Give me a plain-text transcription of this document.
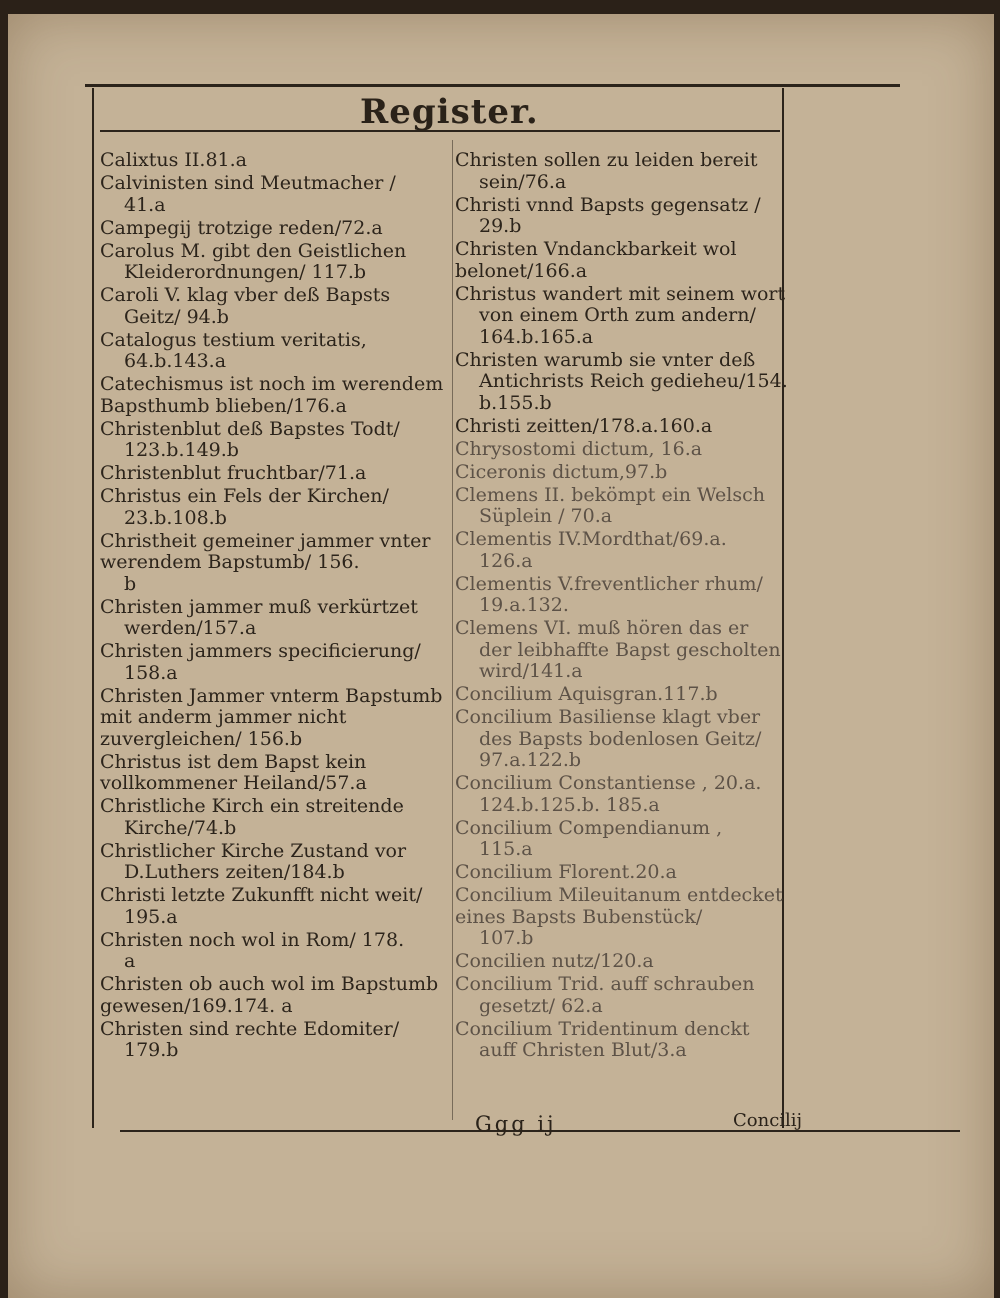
Register.
Calixtus II.81.a
Calvinisten sind Meutmacher /
41.a
Campegij trotzige reden/72.a
Carolus M. gibt den Geistlichen
Kleiderordnungen/ 117.b
Caroli V. klag vber deß Bapsts
Geitz/ 94.b
Catalogus testium veritatis,
64.b.143.a
Catechismus ist noch im werendem Bapsthumb blieben/176.a
Christenblut deß Bapstes Todt/
123.b.149.b
Christenblut fruchtbar/71.a
Christus ein Fels der Kirchen/
23.b.108.b
Christheit gemeiner jammer vnter werendem Bapstumb/ 156.
b
Christen jammer muß verkürtzet
werden/157.a
Christen jammers specificierung/
158.a
Christen Jammer vnterm Bapstumb mit anderm jammer nicht zuvergleichen/ 156.b
Christus ist dem Bapst kein vollkommener Heiland/57.a
Christliche Kirch ein streitende
Kirche/74.b
Christlicher Kirche Zustand vor
D.Luthers zeiten/184.b
Christi letzte Zukunfft nicht weit/
195.a
Christen noch wol in Rom/ 178.
a
Christen ob auch wol im Bapstumb gewesen/169.174. a
Christen sind rechte Edomiter/
179.b
Christen sollen zu leiden bereit
sein/76.a
Christi vnnd Bapsts gegensatz /
29.b
Christen Vndanckbarkeit wol belonet/166.a
Christus wandert mit seinem wort
von einem Orth zum andern/ 164.b.165.a
Christen warumb sie vnter deß
Antichrists Reich gedieheu/154. b.155.b
Christi zeitten/178.a.160.a
Chrysostomi dictum, 16.a
Ciceronis dictum,97.b
Clemens II. bekömpt ein Welsch
Süplein / 70.a
Clementis IV.Mordthat/69.a.
126.a
Clementis V.freventlicher rhum/
19.a.132.
Clemens VI. muß hören das er
der leibhaffte Bapst gescholten wird/141.a
Concilium Aquisgran.117.b
Concilium Basiliense klagt vber
des Bapsts bodenlosen Geitz/ 97.a.122.b
Concilium Constantiense , 20.a.
124.b.125.b. 185.a
Concilium Compendianum ,
115.a
Concilium Florent.20.a
Concilium Mileuitanum entdecket eines Bapsts Bubenstück/
107.b
Concilien nutz/120.a
Concilium Trid. auff schrauben
gesetzt/ 62.a
Concilium Tridentinum denckt
auff Christen Blut/3.a
Ggg ij	Concilij
